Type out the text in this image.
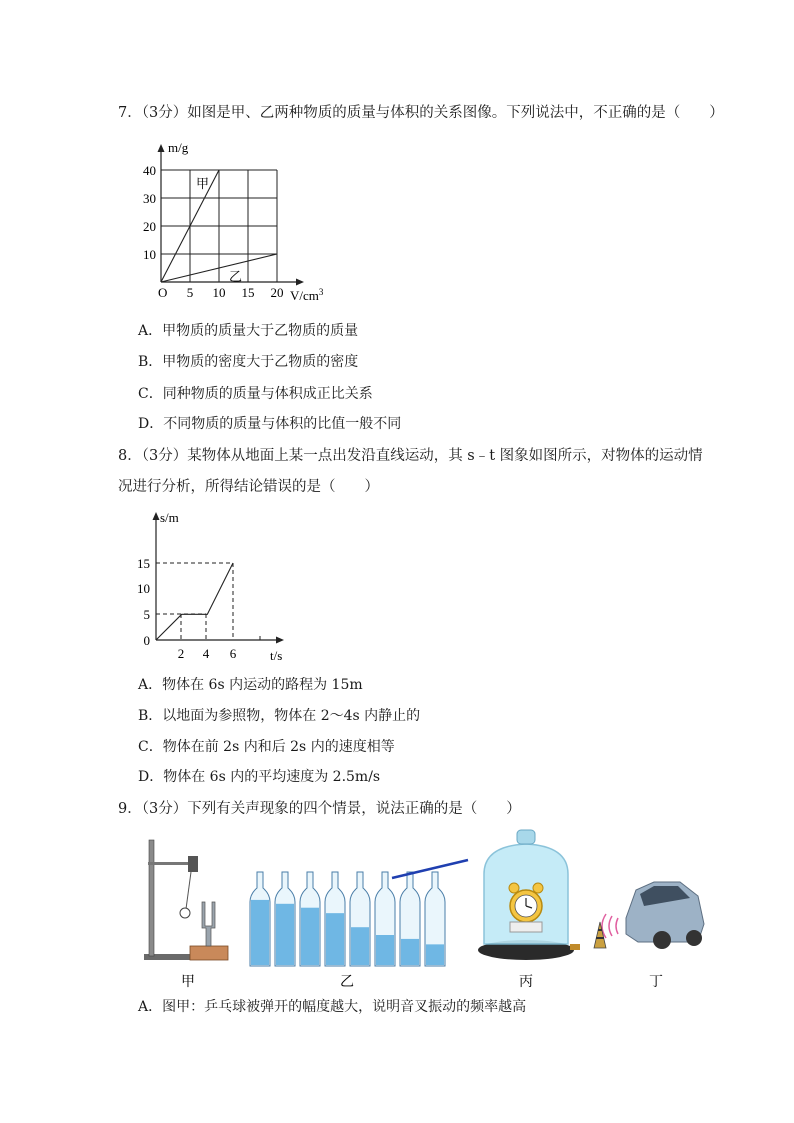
7．（3分）如图是甲、乙两种物质的质量与体积的关系图像。下列说法中，不正确的是（　　）
m/g
40
30
20
10
O 5 10 15 20 $V/cm^3$
甲
乙
A．甲物质的质量大于乙物质的质量
B．甲物质的密度大于乙物质的密度
C．同种物质的质量与体积成正比关系
D．不同物质的质量与体积的比值一般不同
8．（3分）某物体从地面上某一点出发沿直线运动，其 s﹣t 图象如图所示，对物体的运动情
况进行分析，所得结论错误的是（　　）
s/m
5
10
15
0
2 4 6	t/s
A．物体在 6s 内运动的路程为 15m
B．以地面为参照物，物体在 2～4s 内静止的
C．物体在前 2s 内和后 2s 内的速度相等
D．物体在 6s 内的平均速度为 2.5m/s
9．（3分）下列有关声现象的四个情景，说法正确的是（　　）
甲	乙	丙	丁
A．图甲：乒乓球被弹开的幅度越大，说明音叉振动的频率越高
